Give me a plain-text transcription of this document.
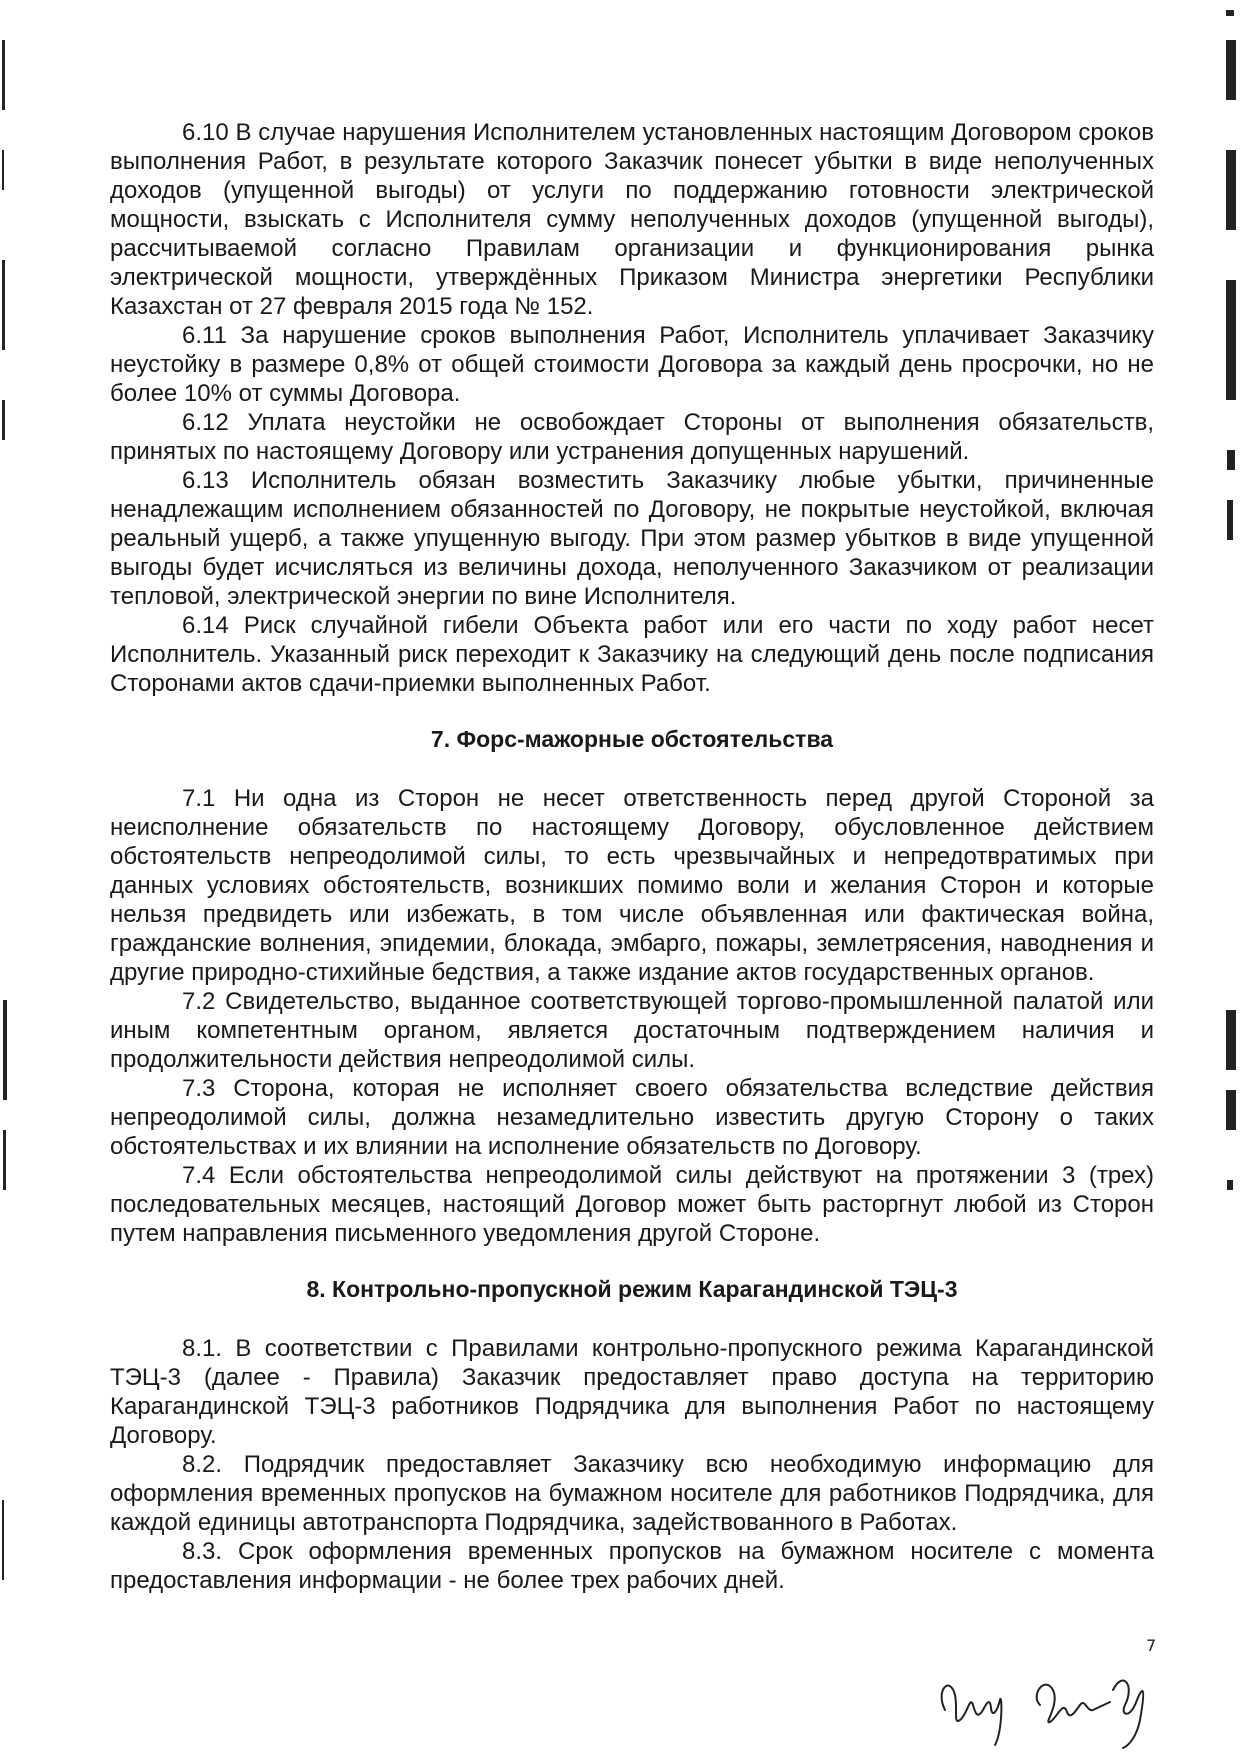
6.10 В случае нарушения Исполнителем установленных настоящим Договором сроков выполнения Работ, в результате которого Заказчик понесет убытки в виде неполученных доходов (упущенной выгоды) от услуги по поддержанию готовности электрической мощности, взыскать с Исполнителя сумму неполученных доходов (упущенной выгоды), рассчитываемой согласно Правилам организации и функционирования рынка электрической мощности, утверждённых Приказом Министра энергетики Республики Казахстан от 27 февраля 2015 года № 152.

6.11 За нарушение сроков выполнения Работ, Исполнитель уплачивает Заказчику неустойку в размере 0,8% от общей стоимости Договора за каждый день просрочки, но не более 10% от суммы Договора.

6.12 Уплата неустойки не освобождает Стороны от выполнения обязательств, принятых по настоящему Договору или устранения допущенных нарушений.

6.13 Исполнитель обязан возместить Заказчику любые убытки, причиненные ненадлежащим исполнением обязанностей по Договору, не покрытые неустойкой, включая реальный ущерб, а также упущенную выгоду. При этом размер убытков в виде упущенной выгоды будет исчисляться из величины дохода, неполученного Заказчиком от реализации тепловой, электрической энергии по вине Исполнителя.

6.14 Риск случайной гибели Объекта работ или его части по ходу работ несет Исполнитель. Указанный риск переходит к Заказчику на следующий день после подписания Сторонами актов сдачи-приемки выполненных Работ.

7. Форс-мажорные обстоятельства

7.1 Ни одна из Сторон не несет ответственность перед другой Стороной за неисполнение обязательств по настоящему Договору, обусловленное действием обстоятельств непреодолимой силы, то есть чрезвычайных и непредотвратимых при данных условиях обстоятельств, возникших помимо воли и желания Сторон и которые нельзя предвидеть или избежать, в том числе объявленная или фактическая война, гражданские волнения, эпидемии, блокада, эмбарго, пожары, землетрясения, наводнения и другие природно-стихийные бедствия, а также издание актов государственных органов.

7.2 Свидетельство, выданное соответствующей торгово-промышленной палатой или иным компетентным органом, является достаточным подтверждением наличия и продолжительности действия непреодолимой силы.

7.3 Сторона, которая не исполняет своего обязательства вследствие действия непреодолимой силы, должна незамедлительно известить другую Сторону о таких обстоятельствах и их влиянии на исполнение обязательств по Договору.

7.4 Если обстоятельства непреодолимой силы действуют на протяжении 3 (трех) последовательных месяцев, настоящий Договор может быть расторгнут любой из Сторон путем направления письменного уведомления другой Стороне.

8. Контрольно-пропускной режим Карагандинской ТЭЦ-3

8.1. В соответствии с Правилами контрольно-пропускного режима Карагандинской ТЭЦ-3 (далее - Правила) Заказчик предоставляет право доступа на территорию Карагандинской ТЭЦ-3 работников Подрядчика для выполнения Работ по настоящему Договору.

8.2. Подрядчик предоставляет Заказчику всю необходимую информацию для оформления временных пропусков на бумажном носителе для работников Подрядчика, для каждой единицы автотранспорта Подрядчика, задействованного в Работах.

8.3. Срок оформления временных пропусков на бумажном носителе с момента предоставления информации - не более трех рабочих дней.

7
